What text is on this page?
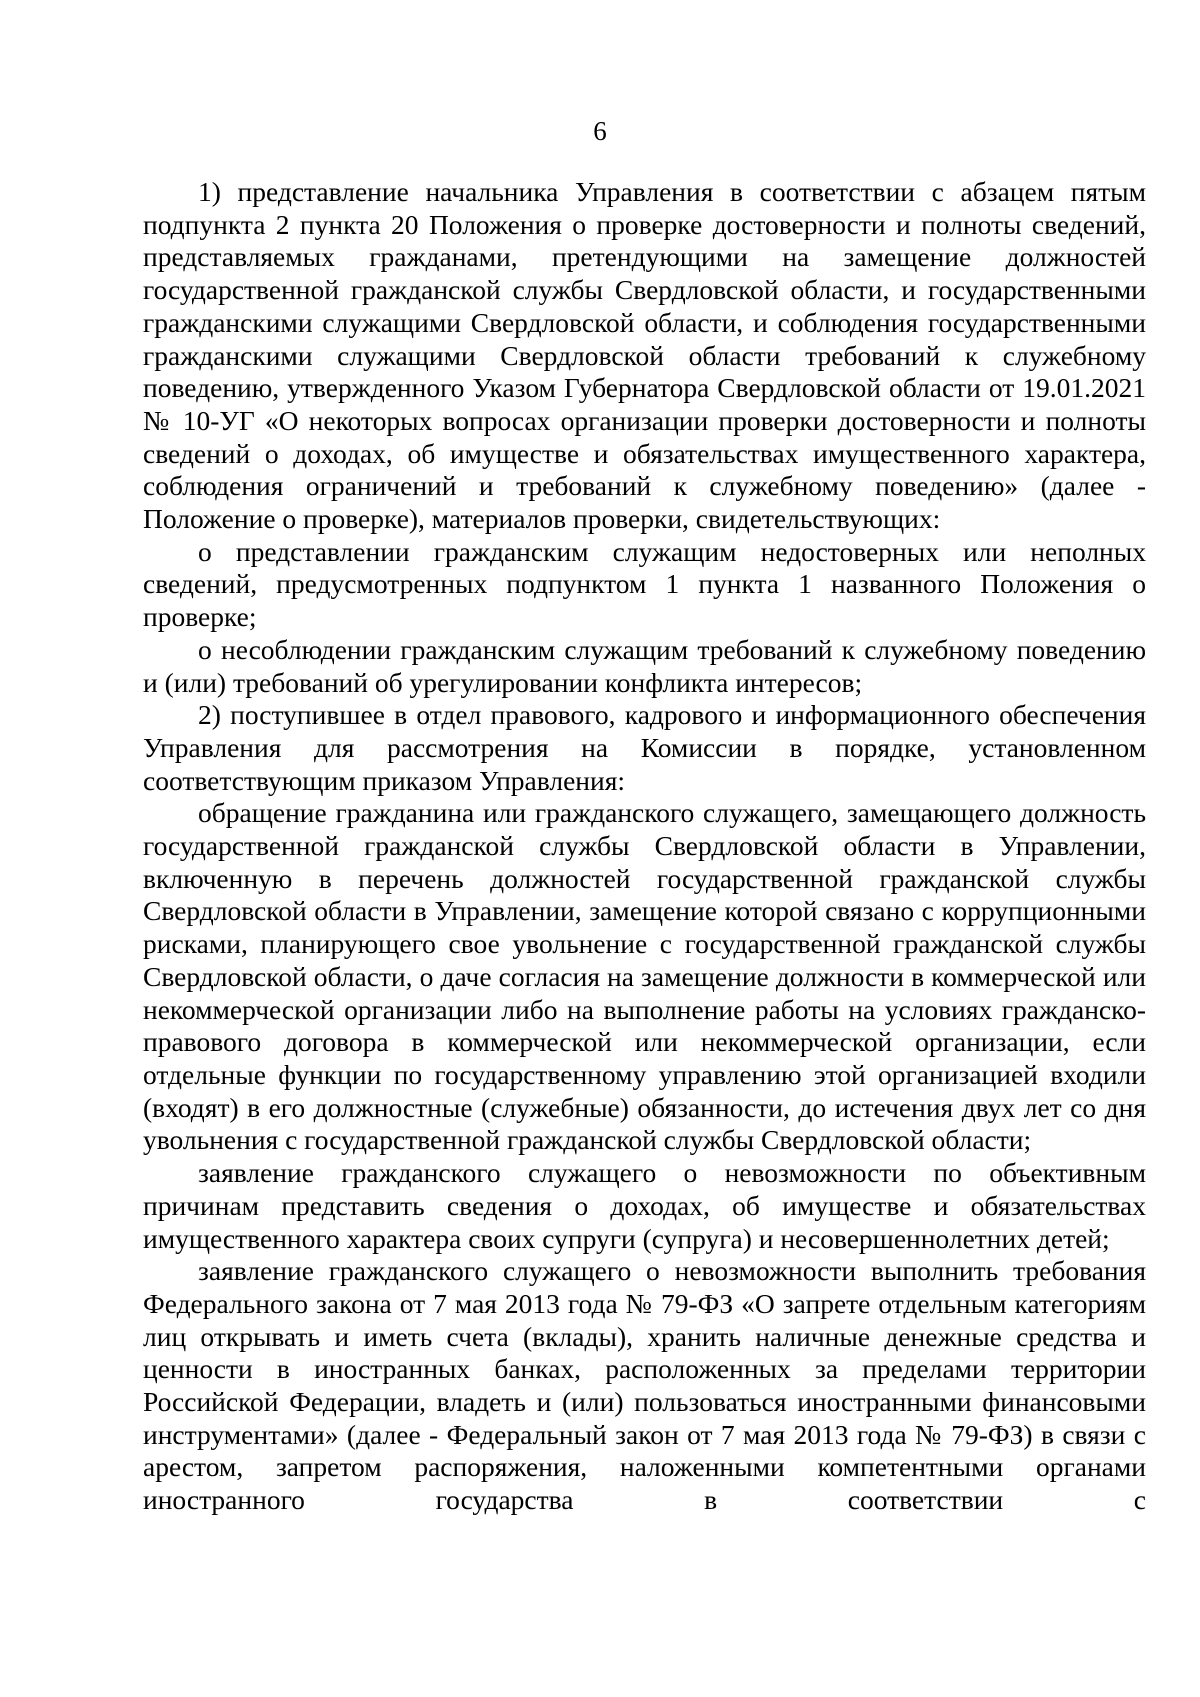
6

1) представление начальника Управления в соответствии с абзацем пятым подпункта 2 пункта 20 Положения о проверке достоверности и полноты сведений, представляемых гражданами, претендующими на замещение должностей государственной гражданской службы Свердловской области, и государственными гражданскими служащими Свердловской области, и соблюдения государственными гражданскими служащими Свердловской области требований к служебному поведению, утвержденного Указом Губернатора Свердловской области от 19.01.2021 № 10-УГ «О некоторых вопросах организации проверки достоверности и полноты сведений о доходах, об имуществе и обязательствах имущественного характера, соблюдения ограничений и требований к служебному поведению» (далее - Положение о проверке), материалов проверки, свидетельствующих:

о представлении гражданским служащим недостоверных или неполных сведений, предусмотренных подпунктом 1 пункта 1 названного Положения о проверке;

о несоблюдении гражданским служащим требований к служебному поведению и (или) требований об урегулировании конфликта интересов;

2) поступившее в отдел правового, кадрового и информационного обеспечения Управления для рассмотрения на Комиссии в порядке, установленном соответствующим приказом Управления:

обращение гражданина или гражданского служащего, замещающего должность государственной гражданской службы Свердловской области в Управлении, включенную в перечень должностей государственной гражданской службы Свердловской области в Управлении, замещение которой связано с коррупционными рисками, планирующего свое увольнение с государственной гражданской службы Свердловской области, о даче согласия на замещение должности в коммерческой или некоммерческой организации либо на выполнение работы на условиях гражданско-правового договора в коммерческой или некоммерческой организации, если отдельные функции по государственному управлению этой организацией входили (входят) в его должностные (служебные) обязанности, до истечения двух лет со дня увольнения с государственной гражданской службы Свердловской области;

заявление гражданского служащего о невозможности по объективным причинам представить сведения о доходах, об имуществе и обязательствах имущественного характера своих супруги (супруга) и несовершеннолетних детей;

заявление гражданского служащего о невозможности выполнить требования Федерального закона от 7 мая 2013 года № 79-ФЗ «О запрете отдельным категориям лиц открывать и иметь счета (вклады), хранить наличные денежные средства и ценности в иностранных банках, расположенных за пределами территории Российской Федерации, владеть и (или) пользоваться иностранными финансовыми инструментами» (далее - Федеральный закон от 7 мая 2013 года № 79-ФЗ) в связи с арестом, запретом распоряжения, наложенными компетентными органами иностранного государства в соответствии с
